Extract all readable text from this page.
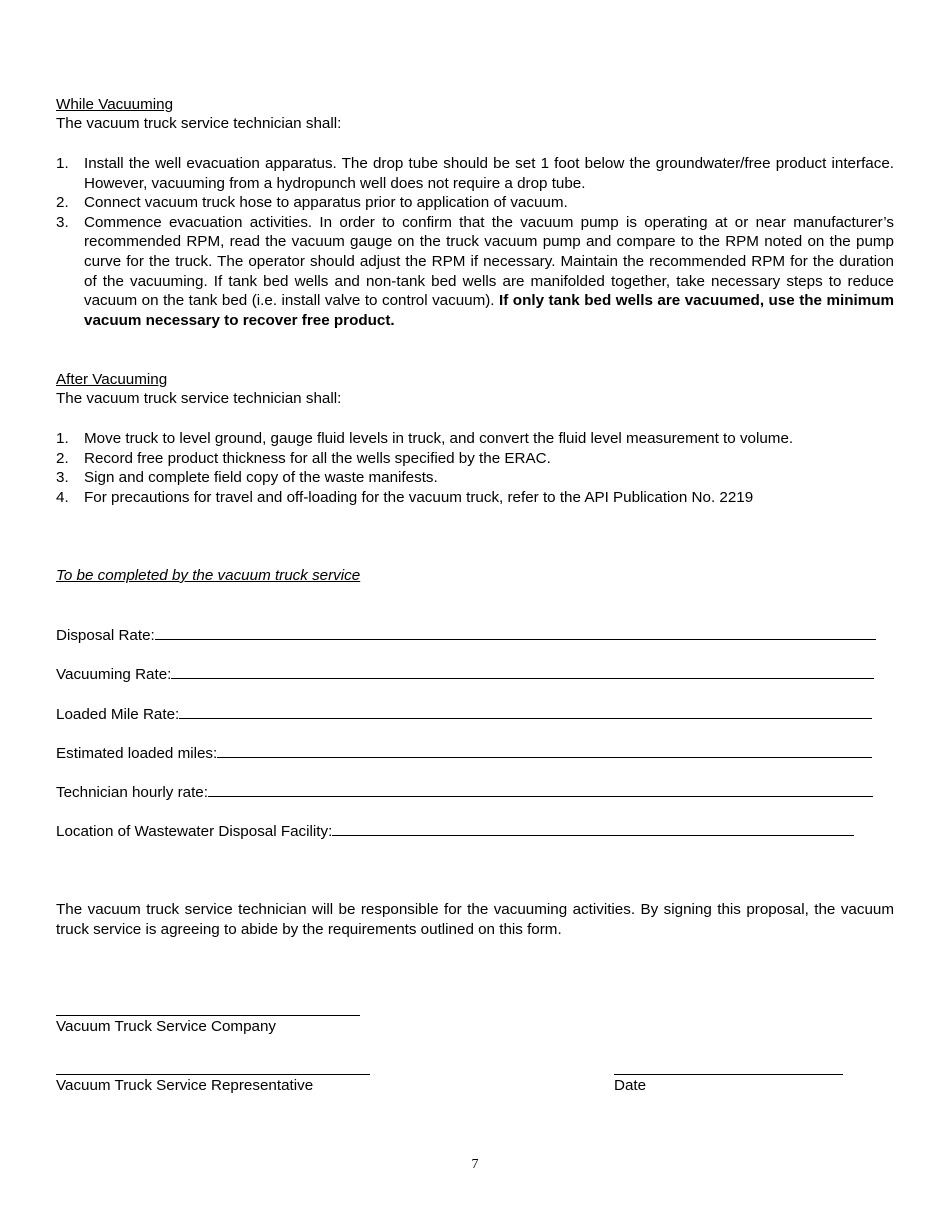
While Vacuuming
The vacuum truck service technician shall:
1. Install the well evacuation apparatus. The drop tube should be set 1 foot below the groundwater/free product interface. However, vacuuming from a hydropunch well does not require a drop tube.
2. Connect vacuum truck hose to apparatus prior to application of vacuum.
3. Commence evacuation activities. In order to confirm that the vacuum pump is operating at or near manufacturer’s recommended RPM, read the vacuum gauge on the truck vacuum pump and compare to the RPM noted on the pump curve for the truck. The operator should adjust the RPM if necessary. Maintain the recommended RPM for the duration of the vacuuming. If tank bed wells and non-tank bed wells are manifolded together, take necessary steps to reduce vacuum on the tank bed (i.e. install valve to control vacuum). If only tank bed wells are vacuumed, use the minimum vacuum necessary to recover free product.
After Vacuuming
The vacuum truck service technician shall:
1. Move truck to level ground, gauge fluid levels in truck, and convert the fluid level measurement to volume.
2. Record free product thickness for all the wells specified by the ERAC.
3. Sign and complete field copy of the waste manifests.
4. For precautions for travel and off-loading for the vacuum truck, refer to the API Publication No. 2219
To be completed by the vacuum truck service
Disposal Rate:
Vacuuming Rate:
Loaded Mile Rate:
Estimated loaded miles:
Technician hourly rate:
Location of Wastewater Disposal Facility:
The vacuum truck service technician will be responsible for the vacuuming activities. By signing this proposal, the vacuum truck service is agreeing to abide by the requirements outlined on this form.
Vacuum Truck Service Company
Vacuum Truck Service Representative	Date
7
